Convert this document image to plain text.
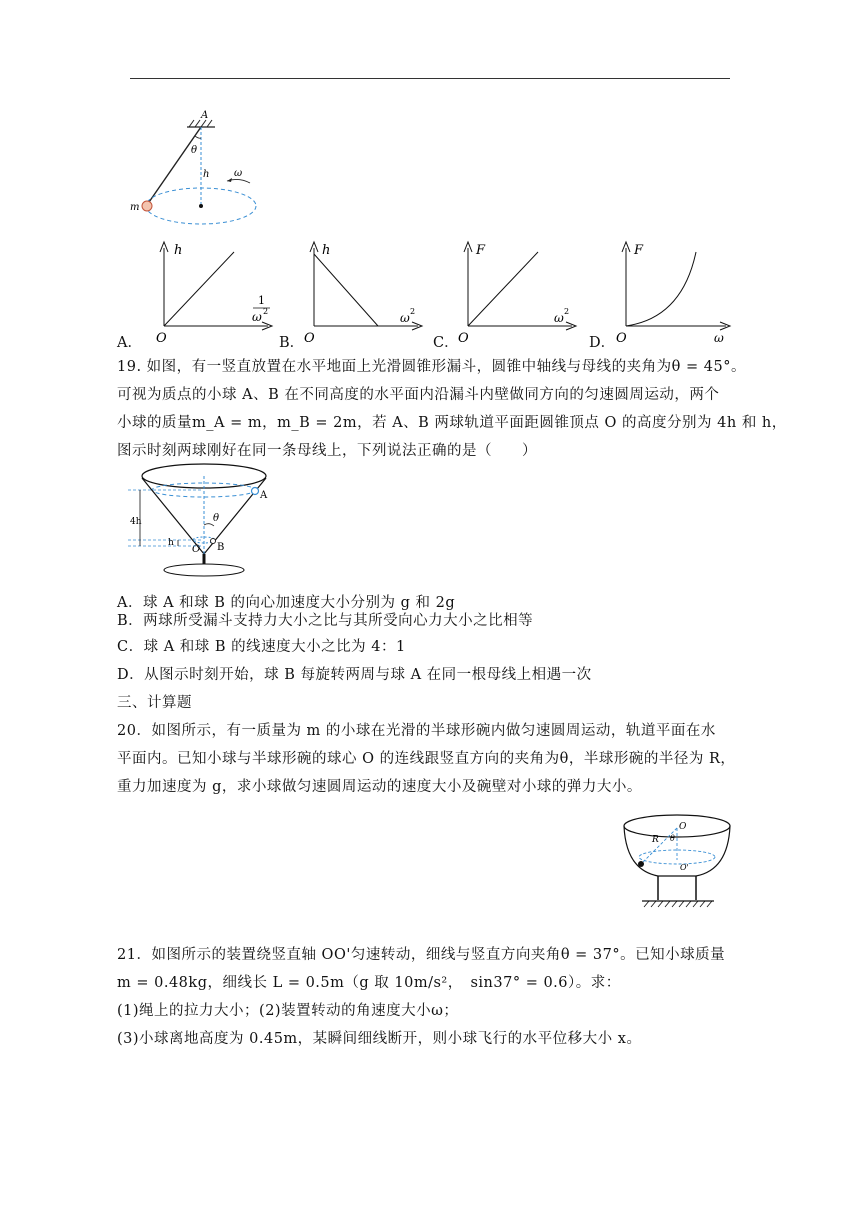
A
θ
h
m
ω
A．
h
O
1
ω 2
B．
h
O
ω 2
C．
F
O
ω 2
D．
F
O	ω
19. 如图，有一竖直放置在水平地面上光滑圆锥形漏斗，圆锥中轴线与母线的夹角为θ = 45°。
可视为质点的小球 A、B 在不同高度的水平面内沿漏斗内壁做同方向的匀速圆周运动，两个
小球的质量m_A = m，m_B = 2m，若 A、B 两球轨道平面距圆锥顶点 O 的高度分别为 4h 和 h，
图示时刻两球刚好在同一条母线上，下列说法正确的是（　　）
A
B
θ
O
4h
h
A．球 A 和球 B 的向心加速度大小分别为 g 和 2g
B．两球所受漏斗支持力大小之比与其所受向心力大小之比相等
C．球 A 和球 B 的线速度大小之比为 4：1
D．从图示时刻开始，球 B 每旋转两周与球 A 在同一根母线上相遇一次
三、计算题
20．如图所示，有一质量为 m 的小球在光滑的半球形碗内做匀速圆周运动，轨道平面在水
平面内。已知小球与半球形碗的球心 O 的连线跟竖直方向的夹角为θ，半球形碗的半径为 R，
重力加速度为 g，求小球做匀速圆周运动的速度大小及碗壁对小球的弹力大小。
R
O
θ
O'
21．如图所示的装置绕竖直轴 OO'匀速转动，细线与竖直方向夹角θ = 37°。已知小球质量
m = 0.48kg，细线长 L = 0.5m（g 取 10m/s²，　sin37° = 0.6）。求：
(1)绳上的拉力大小；(2)装置转动的角速度大小ω；
(3)小球离地高度为 0.45m，某瞬间细线断开，则小球飞行的水平位移大小 x。
